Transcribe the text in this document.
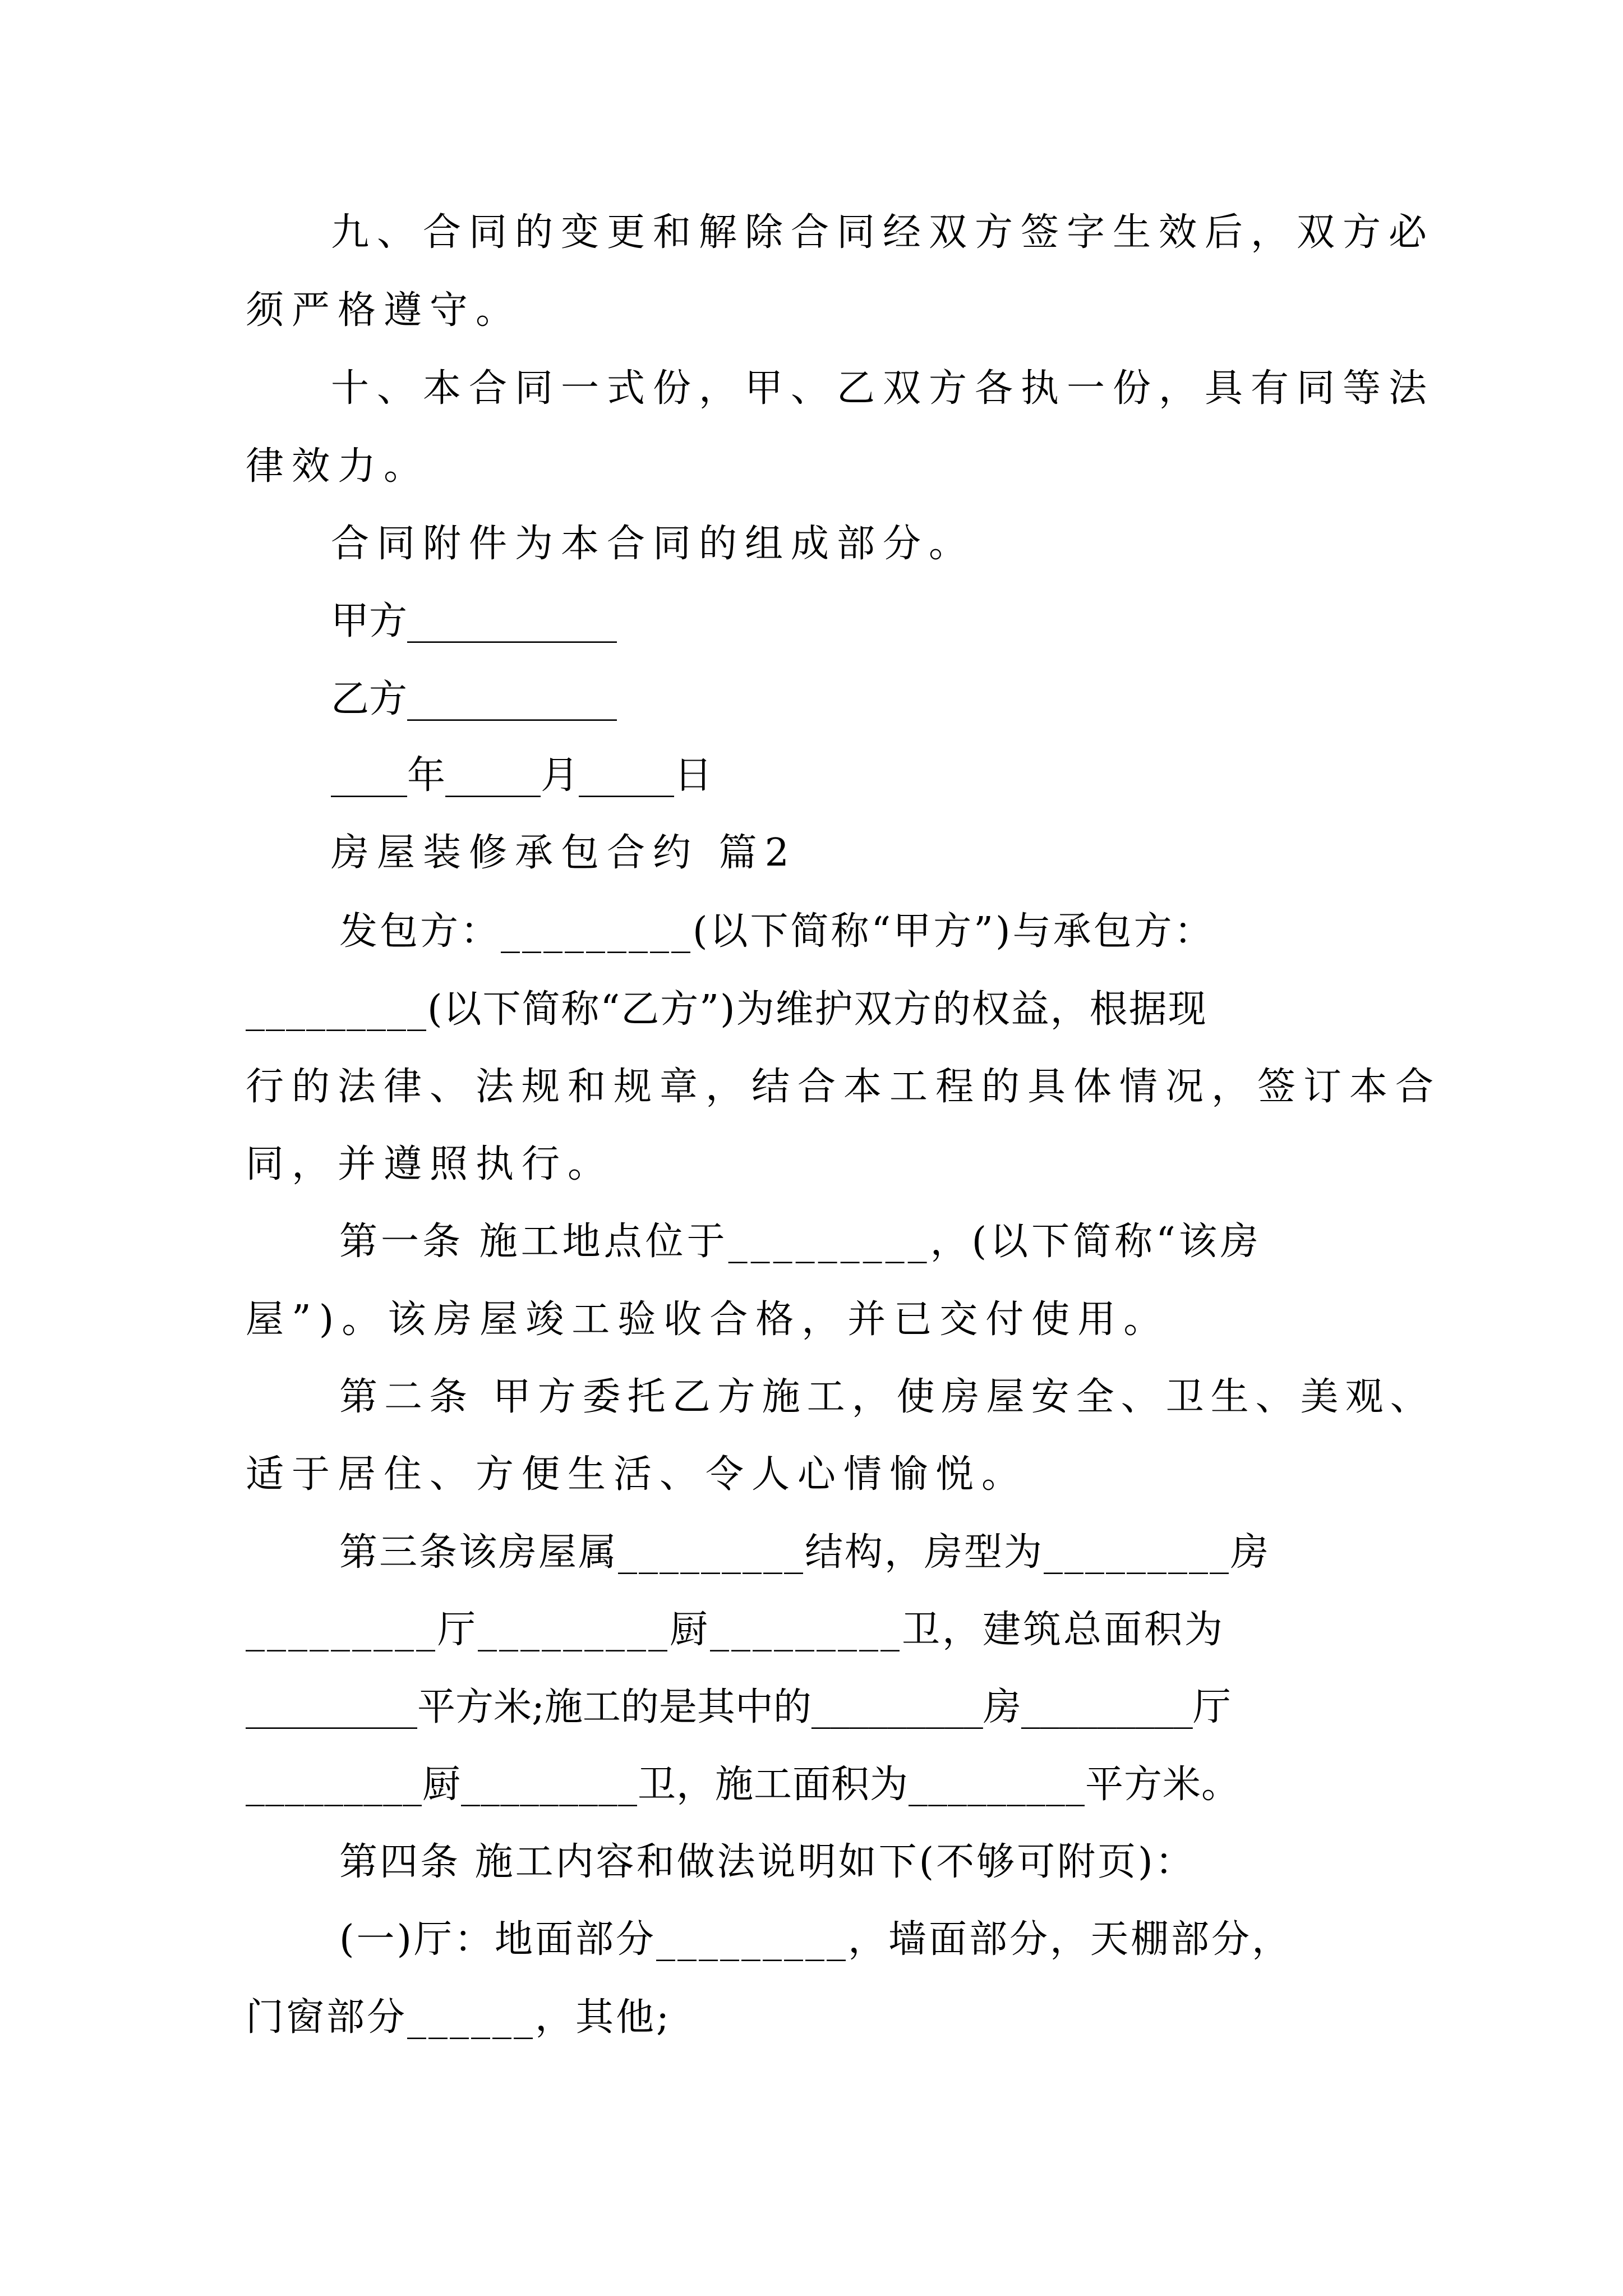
九、合同的变更和解除合同经双方签字生效后，双方必
须严格遵守。
十、本合同一式份，甲、乙双方各执一份，具有同等法
律效力。
合同附件为本合同的组成部分。
甲方___________
乙方___________
____年_____月_____日
房屋装修承包合约 篇2
发包方：_________(以下简称“甲方”)与承包方：
_________(以下简称“乙方”)为维护双方的权益，根据现
行的法律、法规和规章，结合本工程的具体情况，签订本合
同，并遵照执行。
第一条 施工地点位于_________，(以下简称“该房
屋”)。该房屋竣工验收合格，并已交付使用。
第二条 甲方委托乙方施工，使房屋安全、卫生、美观、
适于居住、方便生活、令人心情愉悦。
第三条该房屋属_________结构，房型为_________房
_________厅_________厨_________卫，建筑总面积为
_________平方米;施工的是其中的_________房_________厅
_________厨_________卫，施工面积为_________平方米。
第四条 施工内容和做法说明如下(不够可附页)：
(一)厅：地面部分_________，墙面部分，天棚部分，
门窗部分______，其他;
